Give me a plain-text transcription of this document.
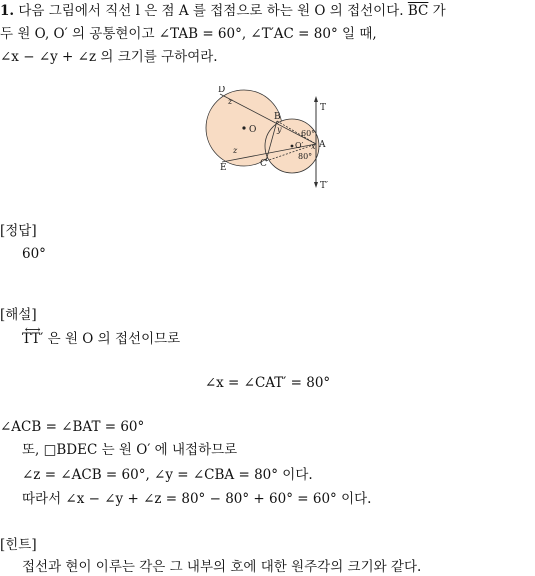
1. 다음 그림에서 직선 l 은 점 A 를 접점으로 하는 원 O 의 접선이다. $\overline{BC}$ 가
두 원 O, O′ 의 공통현이고 ∠TAB = 60°, ∠T′AC = 80° 일 때,
∠x − ∠y + ∠z 의 크기를 구하여라.
D
z
B
y
O
O′ A
60°
80°
x
z
E	C
T
T′
[정답]
60°
[해설]
⟷ TT′ 은 원 O 의 접선이므로
∠x = ∠CAT′ = 80°
∠ACB = ∠BAT = 60°
또, □BDEC 는 원 O′ 에 내접하므로
∠z = ∠ACB = 60°, ∠y = ∠CBA = 80° 이다.
따라서 ∠x − ∠y + ∠z = 80° − 80° + 60° = 60° 이다.
[힌트]
접선과 현이 이루는 각은 그 내부의 호에 대한 원주각의 크기와 같다.
